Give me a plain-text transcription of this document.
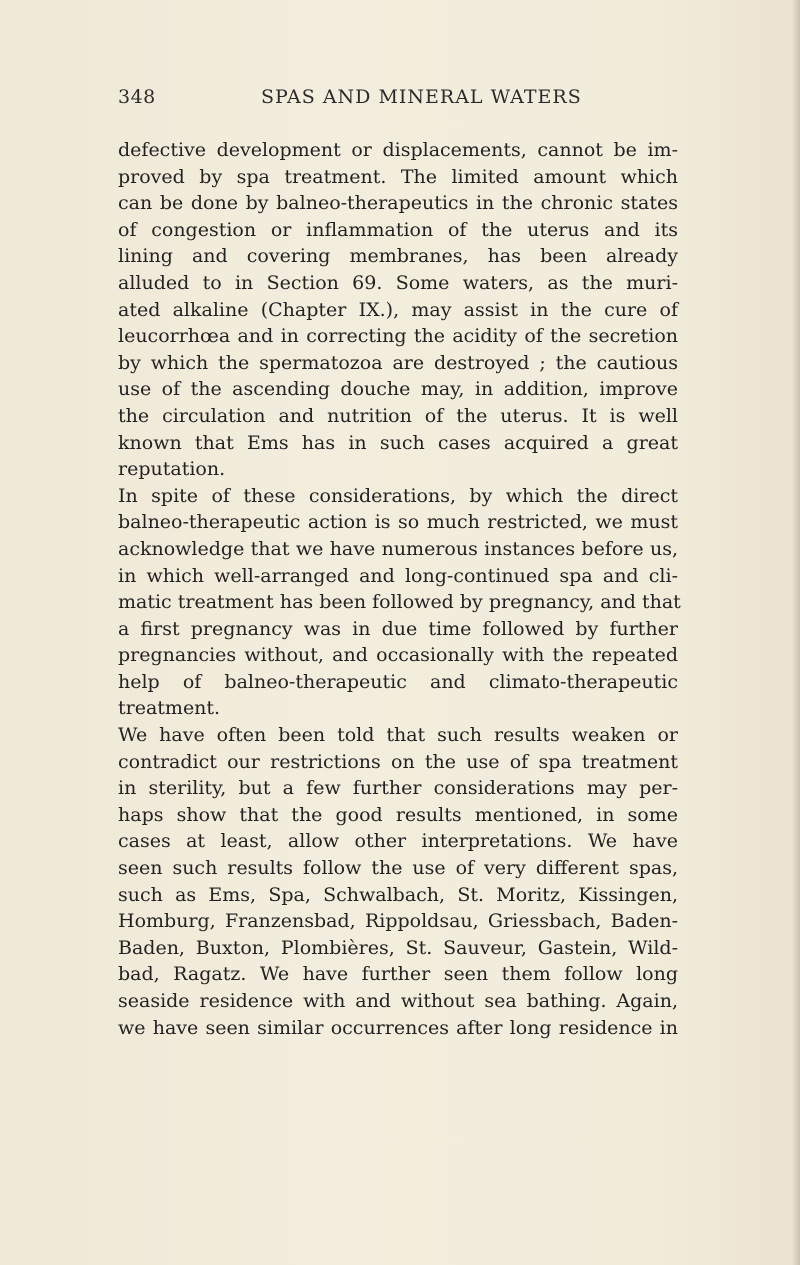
348	SPAS AND MINERAL WATERS
defective development or displacements, cannot be im-
proved by spa treatment. The limited amount which
can be done by balneo-therapeutics in the chronic states
of congestion or inflammation of the uterus and its
lining and covering membranes, has been already
alluded to in Section 69. Some waters, as the muri-
ated alkaline (Chapter IX.), may assist in the cure of
leucorrhœa and in correcting the acidity of the secretion
by which the spermatozoa are destroyed ; the cautious
use of the ascending douche may, in addition, improve
the circulation and nutrition of the uterus. It is well
known that Ems has in such cases acquired a great
reputation.
In spite of these considerations, by which the direct
balneo-therapeutic action is so much restricted, we must
acknowledge that we have numerous instances before us,
in which well-arranged and long-continued spa and cli-
matic treatment has been followed by pregnancy, and that
a first pregnancy was in due time followed by further
pregnancies without, and occasionally with the repeated
help of balneo-therapeutic and climato-therapeutic
treatment.
We have often been told that such results weaken or
contradict our restrictions on the use of spa treatment
in sterility, but a few further considerations may per-
haps show that the good results mentioned, in some
cases at least, allow other interpretations. We have
seen such results follow the use of very different spas,
such as Ems, Spa, Schwalbach, St. Moritz, Kissingen,
Homburg, Franzensbad, Rippoldsau, Griessbach, Baden-
Baden, Buxton, Plombières, St. Sauveur, Gastein, Wild-
bad, Ragatz. We have further seen them follow long
seaside residence with and without sea bathing. Again,
we have seen similar occurrences after long residence in
